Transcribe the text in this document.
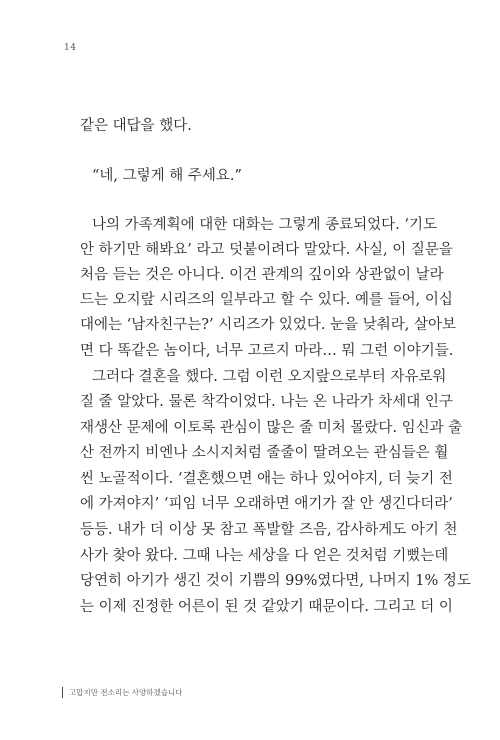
14

같은 대답을 했다.

“네, 그렇게 해 주세요.”

나의 가족계획에 대한 대화는 그렇게 종료되었다. ‘기도

안 하기만 해봐요’ 라고 덧붙이려다 말았다. 사실, 이 질문을

처음 듣는 것은 아니다. 이건 관계의 깊이와 상관없이 날라

드는 오지랖 시리즈의 일부라고 할 수 있다. 예를 들어, 이십

대에는 ‘남자친구는?’ 시리즈가 있었다. 눈을 낮춰라, 살아보

면 다 똑같은 놈이다, 너무 고르지 마라… 뭐 그런 이야기들.

그러다 결혼을 했다. 그럼 이런 오지랖으로부터 자유로워

질 줄 알았다. 물론 착각이었다. 나는 온 나라가 차세대 인구

재생산 문제에 이토록 관심이 많은 줄 미처 몰랐다. 임신과 출

산 전까지 비엔나 소시지처럼 줄줄이 딸려오는 관심들은 훨

씬 노골적이다. ‘결혼했으면 애는 하나 있어야지, 더 늦기 전

에 가져야지’ ‘피임 너무 오래하면 애기가 잘 안 생긴다더라’

등등. 내가 더 이상 못 참고 폭발할 즈음, 감사하게도 아기 천

사가 찾아 왔다. 그때 나는 세상을 다 얻은 것처럼 기뻤는데

당연히 아기가 생긴 것이 기쁨의 99%였다면, 나머지 1% 정도

는 이제 진정한 어른이 된 것 같았기 때문이다. 그리고 더 이

고맙지만 전소리는 사양하겠습니다
